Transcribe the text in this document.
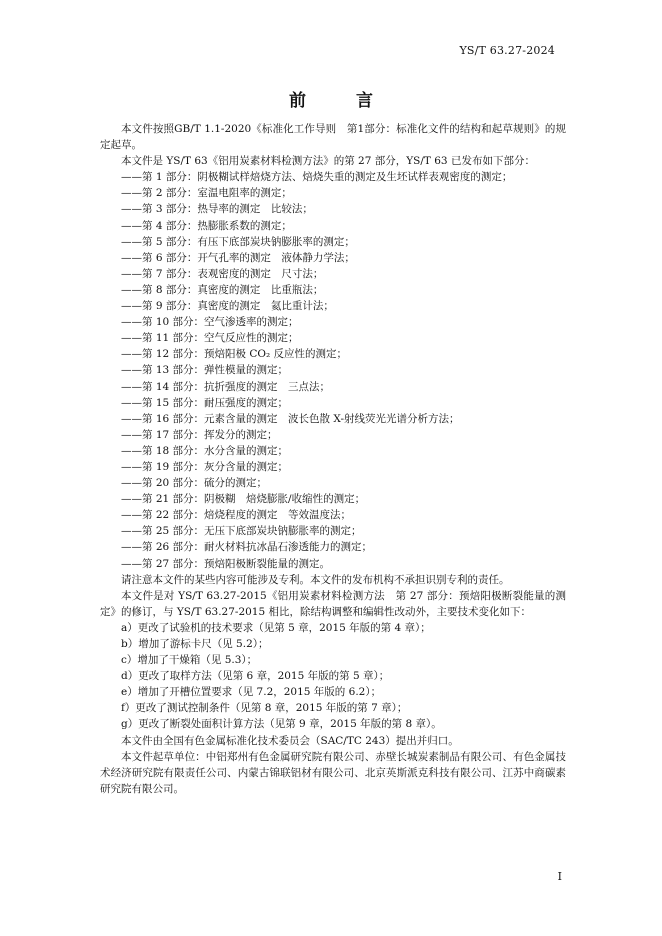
YS/T 63.27-2024
前 言

本文件按照GB/T 1.1-2020《标准化工作导则　第1部分：标准化文件的结构和起草规则》的规定起草。

本文件是 YS/T 63《铝用炭素材料检测方法》的第 27 部分，YS/T 63 已发布如下部分：

——第 1 部分：阴极糊试样焙烧方法、焙烧失重的测定及生坯试样表观密度的测定；

——第 2 部分：室温电阻率的测定；

——第 3 部分：热导率的测定　比较法；

——第 4 部分：热膨胀系数的测定；

——第 5 部分：有压下底部炭块钠膨胀率的测定；

——第 6 部分：开气孔率的测定　液体静力学法；

——第 7 部分：表观密度的测定　尺寸法；

——第 8 部分：真密度的测定　比重瓶法；

——第 9 部分：真密度的测定　氦比重计法；

——第 10 部分：空气渗透率的测定；

——第 11 部分：空气反应性的测定；

——第 12 部分：预焙阳极 CO₂ 反应性的测定；

——第 13 部分：弹性模量的测定；

——第 14 部分：抗折强度的测定　三点法；

——第 15 部分：耐压强度的测定；

——第 16 部分：元素含量的测定　波长色散 X-射线荧光光谱分析方法；

——第 17 部分：挥发分的测定；

——第 18 部分：水分含量的测定；

——第 19 部分：灰分含量的测定；

——第 20 部分：硫分的测定；

——第 21 部分：阴极糊　焙烧膨胀/收缩性的测定；

——第 22 部分：焙烧程度的测定　等效温度法；

——第 25 部分：无压下底部炭块钠膨胀率的测定；

——第 26 部分：耐火材料抗冰晶石渗透能力的测定；

——第 27 部分：预焙阳极断裂能量的测定。

请注意本文件的某些内容可能涉及专利。本文件的发布机构不承担识别专利的责任。

本文件是对 YS/T 63.27-2015《铝用炭素材料检测方法　第 27 部分：预焙阳极断裂能量的测定》的修订，与 YS/T 63.27-2015 相比，除结构调整和编辑性改动外，主要技术变化如下：

a）更改了试验机的技术要求（见第 5 章，2015 年版的第 4 章）；

b）增加了游标卡尺（见 5.2）；

c）增加了干燥箱（见 5.3）；

d）更改了取样方法（见第 6 章，2015 年版的第 5 章）；

e）增加了开槽位置要求（见 7.2，2015 年版的 6.2）；

f）更改了测试控制条件（见第 8 章，2015 年版的第 7 章）；

g）更改了断裂处面积计算方法（见第 9 章，2015 年版的第 8 章）。

本文件由全国有色金属标准化技术委员会（SAC/TC 243）提出并归口。

本文件起草单位：中铝郑州有色金属研究院有限公司、赤壁长城炭素制品有限公司、有色金属技术经济研究院有限责任公司、内蒙古锦联铝材有限公司、北京英斯派克科技有限公司、江苏中商碳素研究院有限公司。

I
